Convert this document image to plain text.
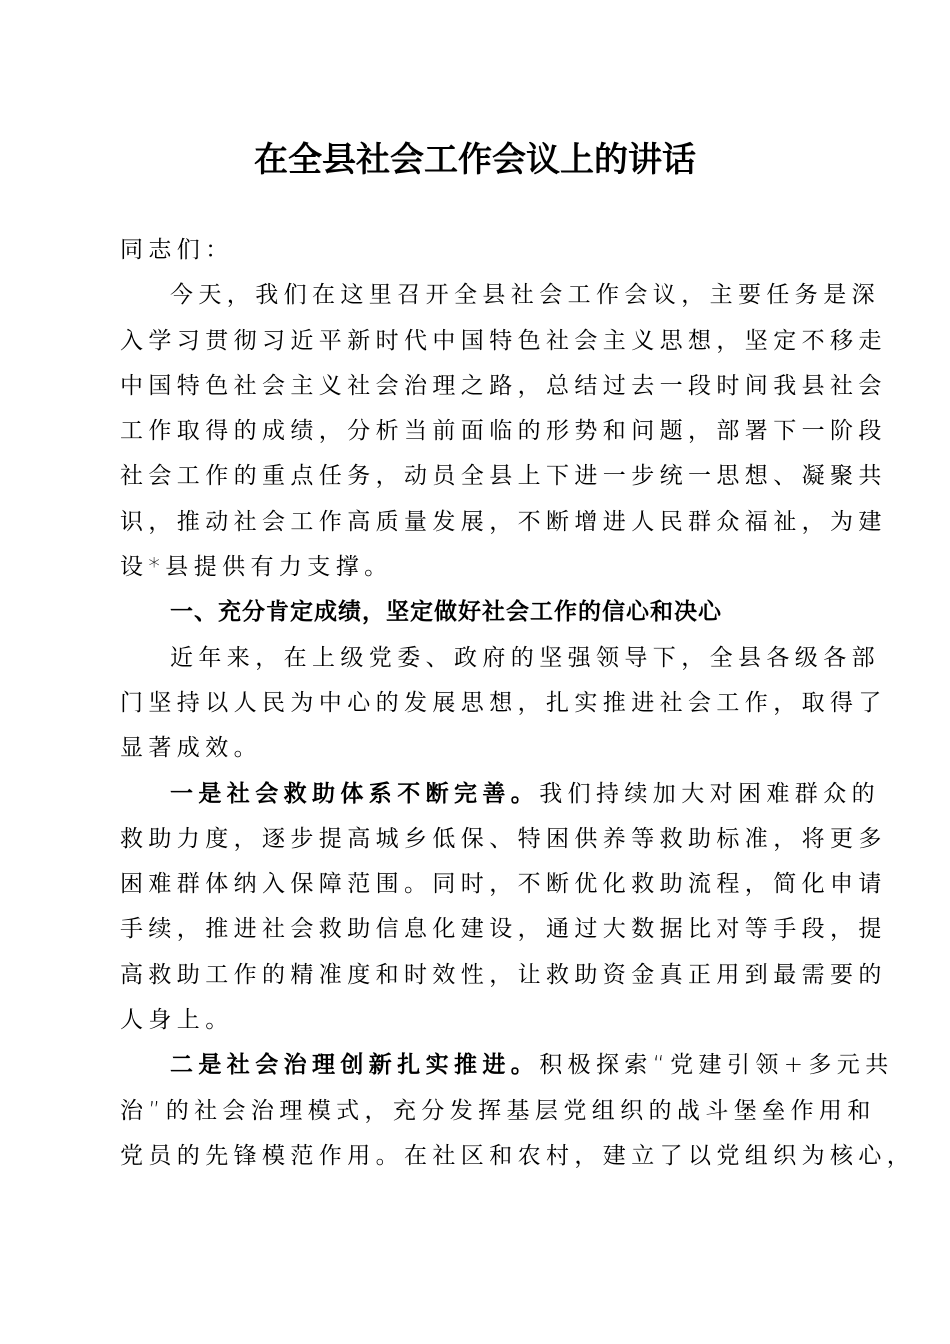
在全县社会工作会议上的讲话
同志们：
今天，我们在这里召开全县社会工作会议，主要任务是深
入学习贯彻习近平新时代中国特色社会主义思想，坚定不移走
中国特色社会主义社会治理之路，总结过去一段时间我县社会
工作取得的成绩，分析当前面临的形势和问题，部署下一阶段
社会工作的重点任务，动员全县上下进一步统一思想、凝聚共
识，推动社会工作高质量发展，不断增进人民群众福祉，为建
设*县提供有力支撑。
一、充分肯定成绩，坚定做好社会工作的信心和决心
近年来，在上级党委、政府的坚强领导下，全县各级各部
门坚持以人民为中心的发展思想，扎实推进社会工作，取得了
显著成效。
一是社会救助体系不断完善。我们持续加大对困难群众的
救助力度，逐步提高城乡低保、特困供养等救助标准，将更多
困难群体纳入保障范围。同时，不断优化救助流程，简化申请
手续，推进社会救助信息化建设，通过大数据比对等手段，提
高救助工作的精准度和时效性，让救助资金真正用到最需要的
人身上。
二是社会治理创新扎实推进。积极探索“党建引领+多元共
治”的社会治理模式，充分发挥基层党组织的战斗堡垒作用和
党员的先锋模范作用。在社区和农村，建立了以党组织为核心，
